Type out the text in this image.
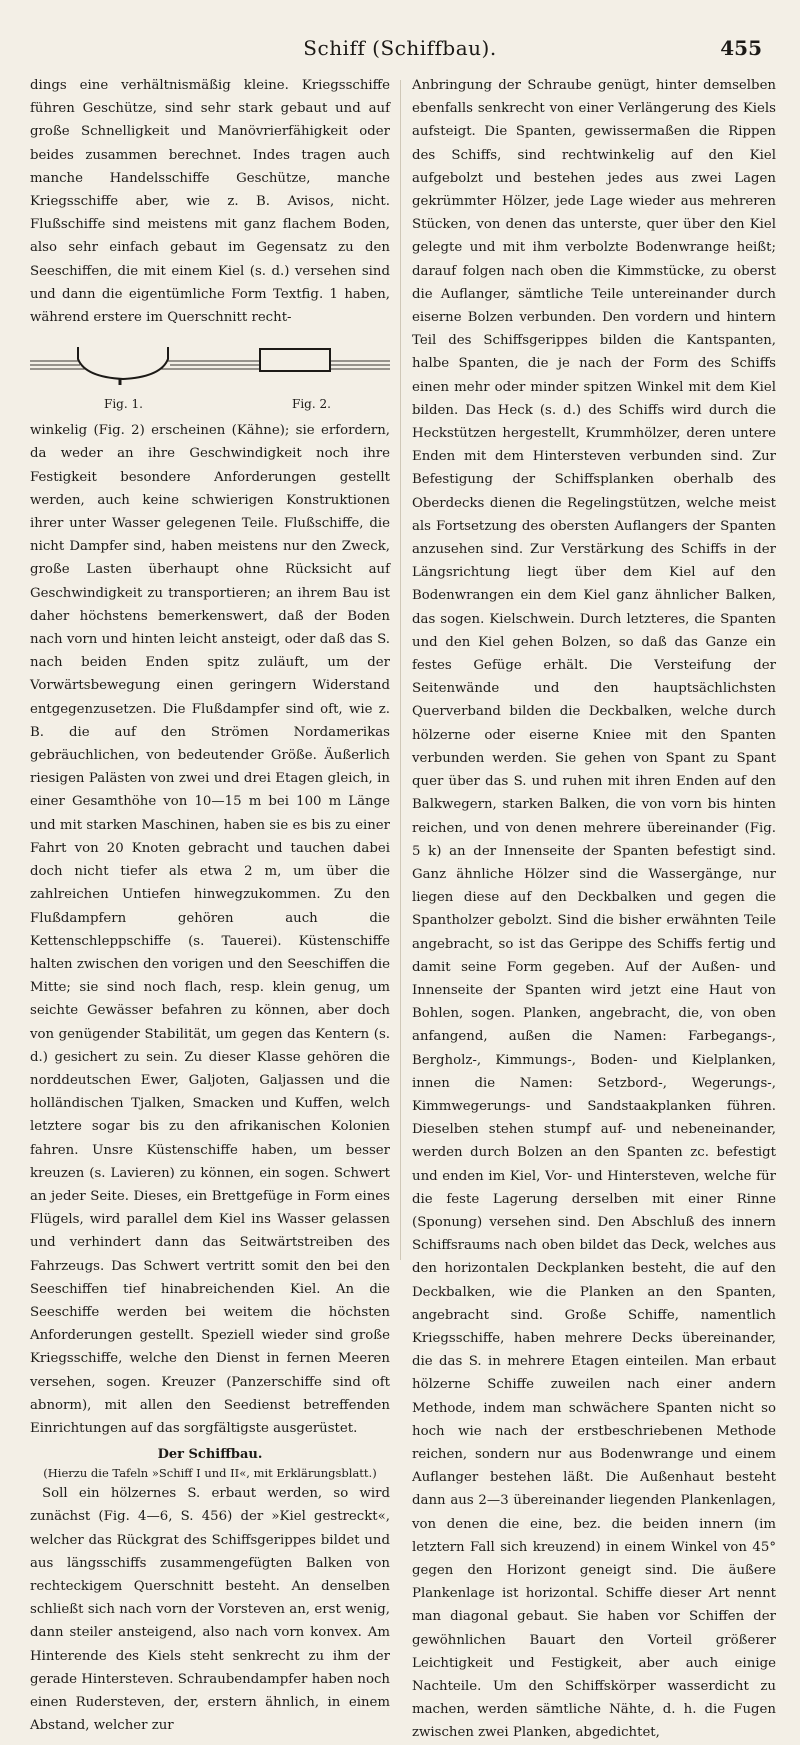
Schiff (Schiffbau).	455

dings eine verhältnismäßig kleine. Kriegsschiffe führen Geschütze, sind sehr stark gebaut und auf große Schnelligkeit und Manövrierfähigkeit oder beides zusammen berechnet. Indes tragen auch manche Handelsschiffe Geschütze, manche Kriegsschiffe aber, wie z. B. Avisos, nicht. Flußschiffe sind meistens mit ganz flachem Boden, also sehr einfach gebaut im Gegensatz zu den Seeschiffen, die mit einem Kiel (s. d.) versehen sind und dann die eigentümliche Form Textfig. 1 haben, während erstere im Querschnitt recht-

Fig. 1.	Fig. 2.

winkelig (Fig. 2) erscheinen (Kähne); sie erfordern, da weder an ihre Geschwindigkeit noch ihre Festigkeit besondere Anforderungen gestellt werden, auch keine schwierigen Konstruktionen ihrer unter Wasser gelegenen Teile. Flußschiffe, die nicht Dampfer sind, haben meistens nur den Zweck, große Lasten überhaupt ohne Rücksicht auf Geschwindigkeit zu transportieren; an ihrem Bau ist daher höchstens bemerkenswert, daß der Boden nach vorn und hinten leicht ansteigt, oder daß das S. nach beiden Enden spitz zuläuft, um der Vorwärtsbewegung einen geringern Widerstand entgegenzusetzen. Die Flußdampfer sind oft, wie z. B. die auf den Strömen Nordamerikas gebräuchlichen, von bedeutender Größe. Äußerlich riesigen Palästen von zwei und drei Etagen gleich, in einer Gesamthöhe von 10—15 m bei 100 m Länge und mit starken Maschinen, haben sie es bis zu einer Fahrt von 20 Knoten gebracht und tauchen dabei doch nicht tiefer als etwa 2 m, um über die zahlreichen Untiefen hinwegzukommen. Zu den Flußdampfern gehören auch die Kettenschleppschiffe (s. Tauerei). Küstenschiffe halten zwischen den vorigen und den Seeschiffen die Mitte; sie sind noch flach, resp. klein genug, um seichte Gewässer befahren zu können, aber doch von genügender Stabilität, um gegen das Kentern (s. d.) gesichert zu sein. Zu dieser Klasse gehören die norddeutschen Ewer, Galjoten, Galjassen und die holländischen Tjalken, Smacken und Kuffen, welch letztere sogar bis zu den afrikanischen Kolonien fahren. Unsre Küstenschiffe haben, um besser kreuzen (s. Lavieren) zu können, ein sogen. Schwert an jeder Seite. Dieses, ein Brettgefüge in Form eines Flügels, wird parallel dem Kiel ins Wasser gelassen und verhindert dann das Seitwärtstreiben des Fahrzeugs. Das Schwert vertritt somit den bei den Seeschiffen tief hinabreichenden Kiel. An die Seeschiffe werden bei weitem die höchsten Anforderungen gestellt. Speziell wieder sind große Kriegsschiffe, welche den Dienst in fernen Meeren versehen, sogen. Kreuzer (Panzerschiffe sind oft abnorm), mit allen den Seedienst betreffenden Einrichtungen auf das sorgfältigste ausgerüstet.

Der Schiffbau.
(Hierzu die Tafeln »Schiff I und II«, mit Erklärungsblatt.)

Soll ein hölzernes S. erbaut werden, so wird zunächst (Fig. 4—6, S. 456) der »Kiel gestreckt«, welcher das Rückgrat des Schiffsgerippes bildet und aus längsschiffs zusammengefügten Balken von rechteckigem Querschnitt besteht. An denselben schließt sich nach vorn der Vorsteven an, erst wenig, dann steiler ansteigend, also nach vorn konvex. Am Hinterende des Kiels steht senkrecht zu ihm der gerade Hintersteven. Schraubendampfer haben noch einen Rudersteven, der, erstern ähnlich, in einem Abstand, welcher zur

Anbringung der Schraube genügt, hinter demselben ebenfalls senkrecht von einer Verlängerung des Kiels aufsteigt. Die Spanten, gewissermaßen die Rippen des Schiffs, sind rechtwinkelig auf den Kiel aufgebolzt und bestehen jedes aus zwei Lagen gekrümmter Hölzer, jede Lage wieder aus mehreren Stücken, von denen das unterste, quer über den Kiel gelegte und mit ihm verbolzte Bodenwrange heißt; darauf folgen nach oben die Kimmstücke, zu oberst die Auflanger, sämtliche Teile untereinander durch eiserne Bolzen verbunden. Den vordern und hintern Teil des Schiffsgerippes bilden die Kantspanten, halbe Spanten, die je nach der Form des Schiffs einen mehr oder minder spitzen Winkel mit dem Kiel bilden. Das Heck (s. d.) des Schiffs wird durch die Heckstützen hergestellt, Krummhölzer, deren untere Enden mit dem Hintersteven verbunden sind. Zur Befestigung der Schiffsplanken oberhalb des Oberdecks dienen die Regelingstützen, welche meist als Fortsetzung des obersten Auflangers der Spanten anzusehen sind. Zur Verstärkung des Schiffs in der Längsrichtung liegt über dem Kiel auf den Bodenwrangen ein dem Kiel ganz ähnlicher Balken, das sogen. Kielschwein. Durch letzteres, die Spanten und den Kiel gehen Bolzen, so daß das Ganze ein festes Gefüge erhält. Die Versteifung der Seitenwände und den hauptsächlichsten Querverband bilden die Deckbalken, welche durch hölzerne oder eiserne Kniee mit den Spanten verbunden werden. Sie gehen von Spant zu Spant quer über das S. und ruhen mit ihren Enden auf den Balkwegern, starken Balken, die von vorn bis hinten reichen, und von denen mehrere übereinander (Fig. 5 k) an der Innenseite der Spanten befestigt sind. Ganz ähnliche Hölzer sind die Wassergänge, nur liegen diese auf den Deckbalken und gegen die Spantholzer gebolzt. Sind die bisher erwähnten Teile angebracht, so ist das Gerippe des Schiffs fertig und damit seine Form gegeben. Auf der Außen- und Innenseite der Spanten wird jetzt eine Haut von Bohlen, sogen. Planken, angebracht, die, von oben anfangend, außen die Namen: Farbegangs-, Bergholz-, Kimmungs-, Boden- und Kielplanken, innen die Namen: Setzbord-, Wegerungs-, Kimmwegerungs- und Sandstaakplanken führen. Dieselben stehen stumpf auf- und nebeneinander, werden durch Bolzen an den Spanten zc. befestigt und enden im Kiel, Vor- und Hintersteven, welche für die feste Lagerung derselben mit einer Rinne (Sponung) versehen sind. Den Abschluß des innern Schiffsraums nach oben bildet das Deck, welches aus den horizontalen Deckplanken besteht, die auf den Deckbalken, wie die Planken an den Spanten, angebracht sind. Große Schiffe, namentlich Kriegsschiffe, haben mehrere Decks übereinander, die das S. in mehrere Etagen einteilen. Man erbaut hölzerne Schiffe zuweilen nach einer andern Methode, indem man schwächere Spanten nicht so hoch wie nach der erstbeschriebenen Methode reichen, sondern nur aus Bodenwrange und einem Auflanger bestehen läßt. Die Außenhaut besteht dann aus 2—3 übereinander liegenden Plankenlagen, von denen die eine, bez. die beiden innern (im letztern Fall sich kreuzend) in einem Winkel von 45° gegen den Horizont geneigt sind. Die äußere Plankenlage ist horizontal. Schiffe dieser Art nennt man diagonal gebaut. Sie haben vor Schiffen der gewöhnlichen Bauart den Vorteil größerer Leichtigkeit und Festigkeit, aber auch einige Nachteile. Um den Schiffskörper wasserdicht zu machen, werden sämtliche Nähte, d. h. die Fugen zwischen zwei Planken, abgedichtet,
